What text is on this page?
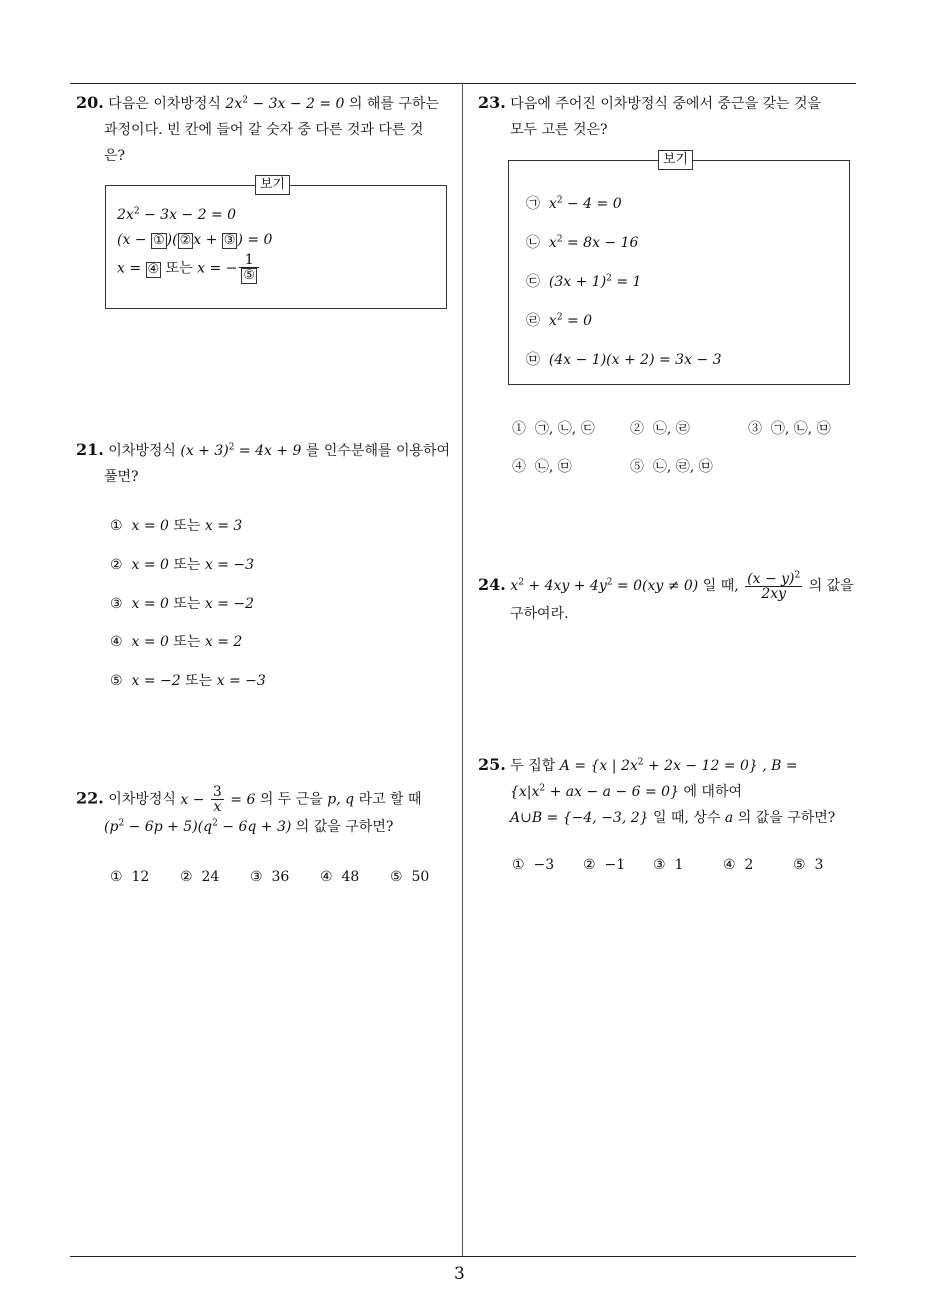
20. 다음은 이차방정식 $2x^2 - 3x - 2 = 0$ 의 해를 구하는
과정이다. 빈 칸에 들어 갈 숫자 중 다른 것과 다른 것
은?
보기
$2x^2 - 3x - 2 = 0$
(x − ① )( ② x + ③ ) = 0
x = ④ 또는 x = − $\frac{1}{\text{⑤}}$
21. 이차방정식 $(x + 3)^2 = 4x + 9$ 를 인수분해를 이용하여
풀면?
① x = 0 또는 x = 3
② x = 0 또는 x = −3
③ x = 0 또는 x = −2
④ x = 0 또는 x = 2
⑤ x = −2 또는 x = −3
22. 이차방정식 $x - \frac{3}{x} = 6$ 의 두 근을 p, q 라고 할 때
$(p^2 - 6p + 5)(q^2 - 6q + 3)$ 의 값을 구하면?
① 12 ② 24 ③ 36 ④ 48 ⑤ 50
23. 다음에 주어진 이차방정식 중에서 중근을 갖는 것을
모두 고른 것은?
보기
㉠ $x^2 - 4 = 0$
㉡ $x^2 = 8x - 16$
㉢ $(3x + 1)^2 = 1$
㉣ $x^2 = 0$
㉤ (4x − 1)(x + 2) = 3x − 3
① ㉠, ㉡, ㉢	② ㉡, ㉣	③ ㉠, ㉡, ㉤
④ ㉡, ㉤	⑤ ㉡, ㉣, ㉤
24. $x^2 + 4xy + 4y^2 = 0(xy \ne 0)$ 일 때, $\frac{(x - y)^2}{2xy}$ 의 값을
구하여라.
25. 두 집합 A = {x | $2x^2 + 2x - 12 = 0$} , B =
{$x|x^2$ + ax − a − 6 = 0} 에 대하여
A∪B = {−4, −3, 2} 일 때, 상수 a 의 값을 구하면?
① −3 ② −1 ③ 1	④ 2	⑤ 3
3
